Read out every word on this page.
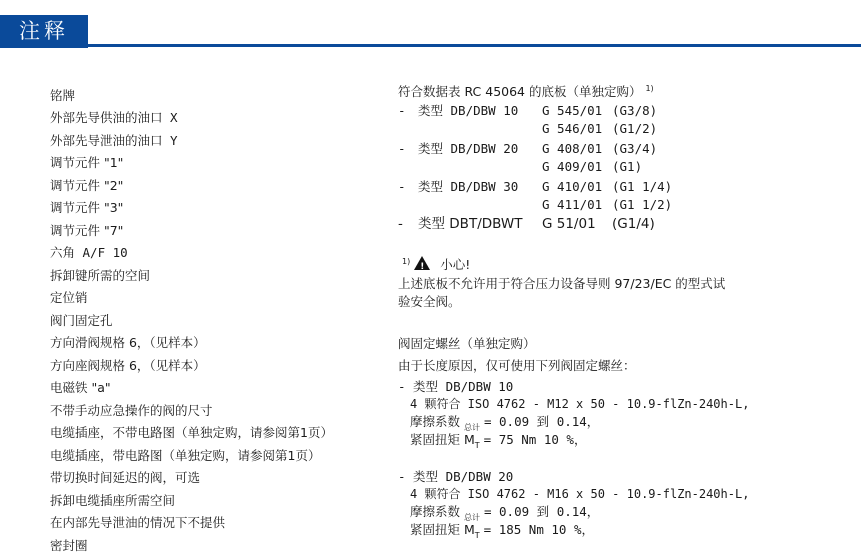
注释
铭牌
外部先导供油的油口 X
外部先导泄油的油口 Y
调节元件 "1"
调节元件 "2"
调节元件 "3"
调节元件 "7"
六角 A/F 10
拆卸键所需的空间
定位销
阀门固定孔
方向滑阀规格 6，（见样本）
方向座阀规格 6，（见样本）
电磁铁 "a"
不带手动应急操作的阀的尺寸
电缆插座，不带电路图（单独定购，请参阅第1页）
电缆插座，带电路图（单独定购，请参阅第1页）
带切换时间延迟的阀，可选
拆卸电缆插座所需空间
在内部先导泄油的情况下不提供
密封圈
符合数据表 RC 45064 的底板（单独定购） $^{1)}$
- 类型 DB/DBW 10 G 545/01 (G3/8)
G 546/01 (G1/2)
- 类型 DB/DBW 20 G 408/01 (G3/4)
G 409/01 (G1)
- 类型 DB/DBW 30 G 410/01 (G1 1/4)
G 411/01 (G1 1/2)
- 类型 DBT/DBWT G 51/01 (G1/4)
$^{1)}$ ! 小心!
上述底板不允许用于符合压力设备导则 97/23/EC 的型式试
验安全阀。
阀固定螺丝（单独定购）
由于长度原因，仅可使用下列阀固定螺丝：
- 类型 DB/DBW 10
4 颗符合 ISO 4762 - M12 x 50 - 10.9-flZn-240h-L,
摩擦系数 $_{总计}$ = 0.09 到 0.14，
紧固扭矩 $M_T = 75$ Nm 10 %，
- 类型 DB/DBW 20
4 颗符合 ISO 4762 - M16 x 50 - 10.9-flZn-240h-L,
摩擦系数 $_{总计}$ = 0.09 到 0.14，
紧固扭矩 $M_T = 185$ Nm 10 %，
